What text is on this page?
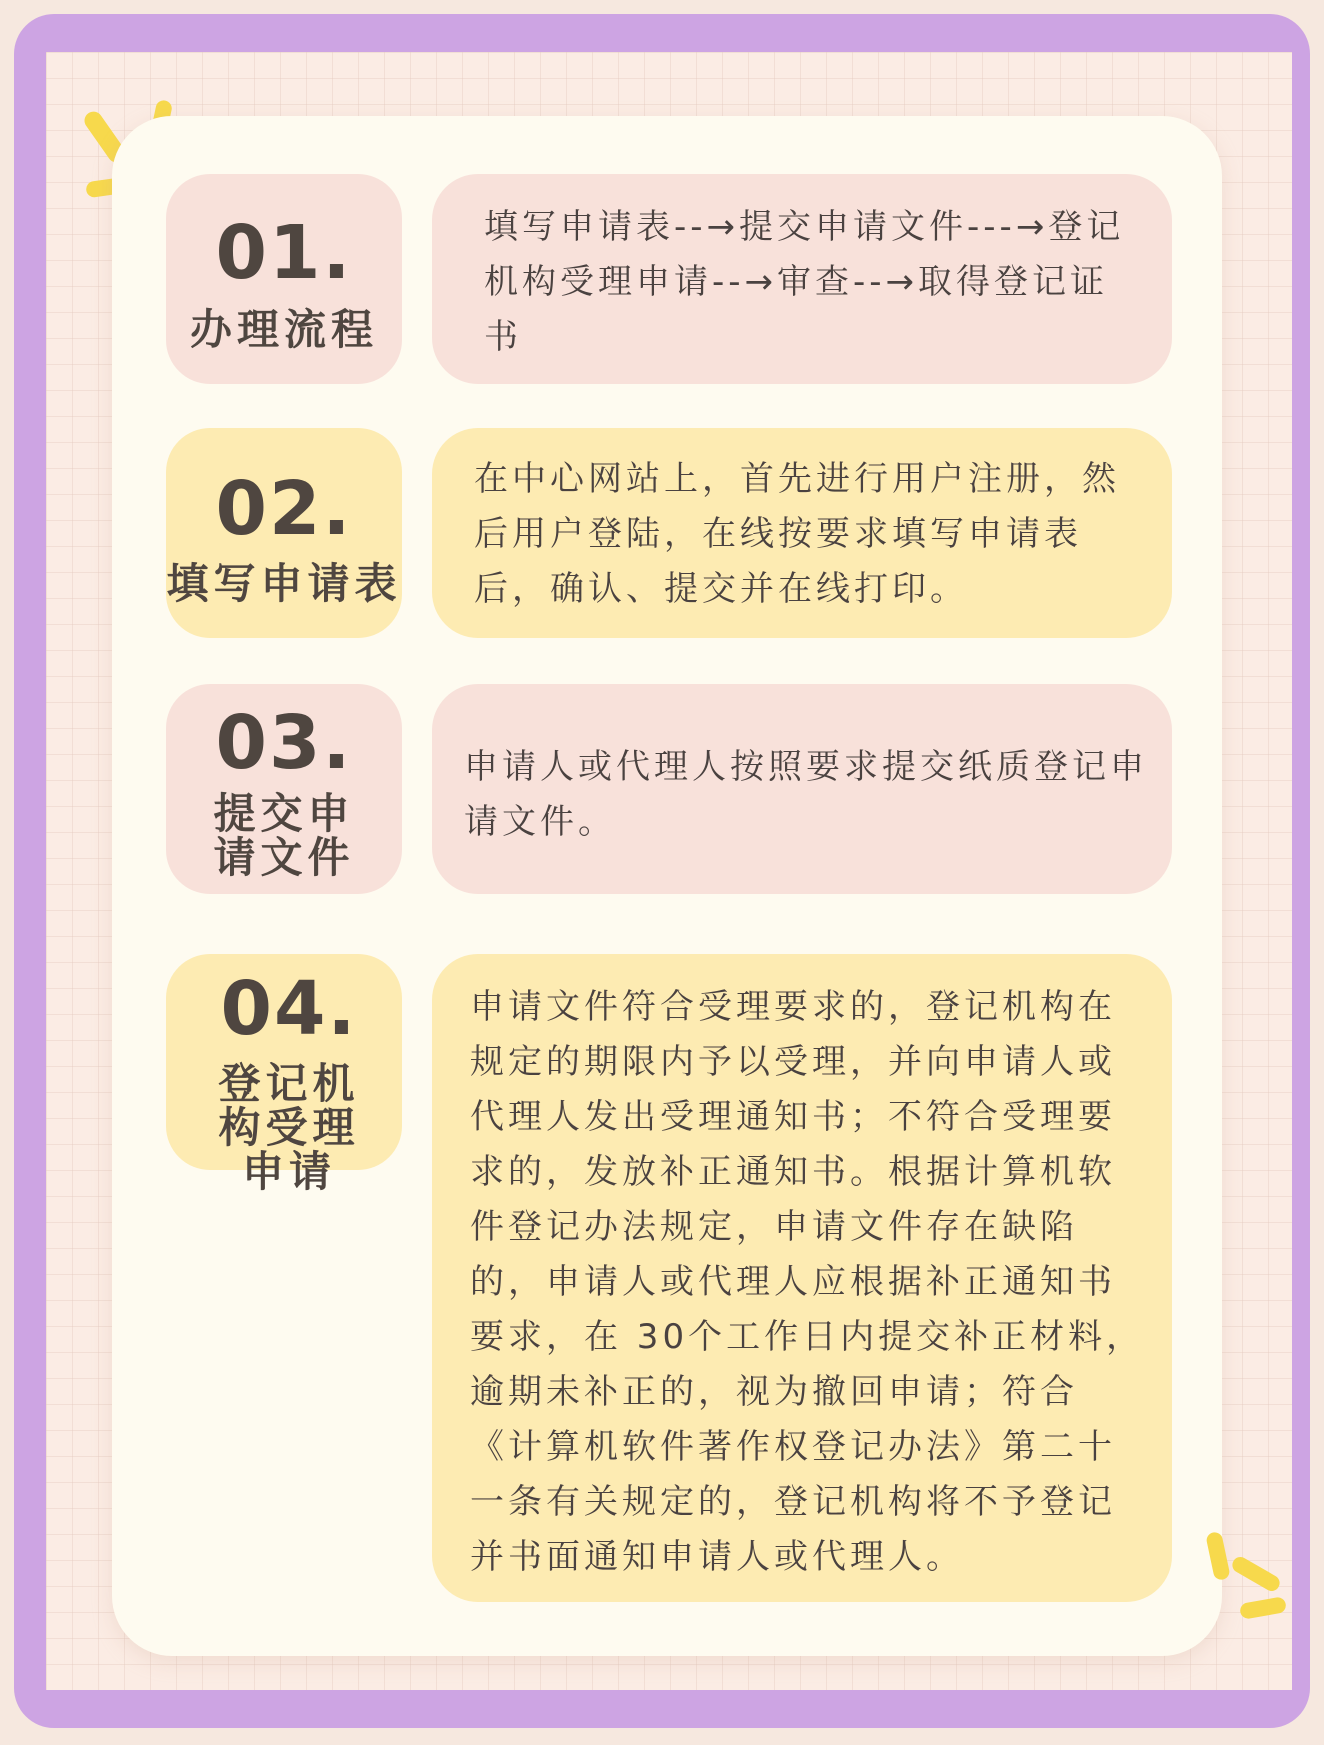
01.
办理流程
填写申请表--→提交申请文件---→登记机构受理申请--→审查--→取得登记证书
02.
填写申请表
在中心网站上，首先进行用户注册，然后用户登陆，在线按要求填写申请表后，确认、提交并在线打印。
03.
提交申请文件
申请人或代理人按照要求提交纸质登记申请文件。
04.
登记机构受理申请
申请文件符合受理要求的，登记机构在规定的期限内予以受理，并向申请人或代理人发出受理通知书；不符合受理要求的，发放补正通知书。根据计算机软件登记办法规定，申请文件存在缺陷的，申请人或代理人应根据补正通知书要求，在 30个工作日内提交补正材料，逾期未补正的，视为撤回申请；符合《计算机软件著作权登记办法》第二十一条有关规定的，登记机构将不予登记并书面通知申请人或代理人。
